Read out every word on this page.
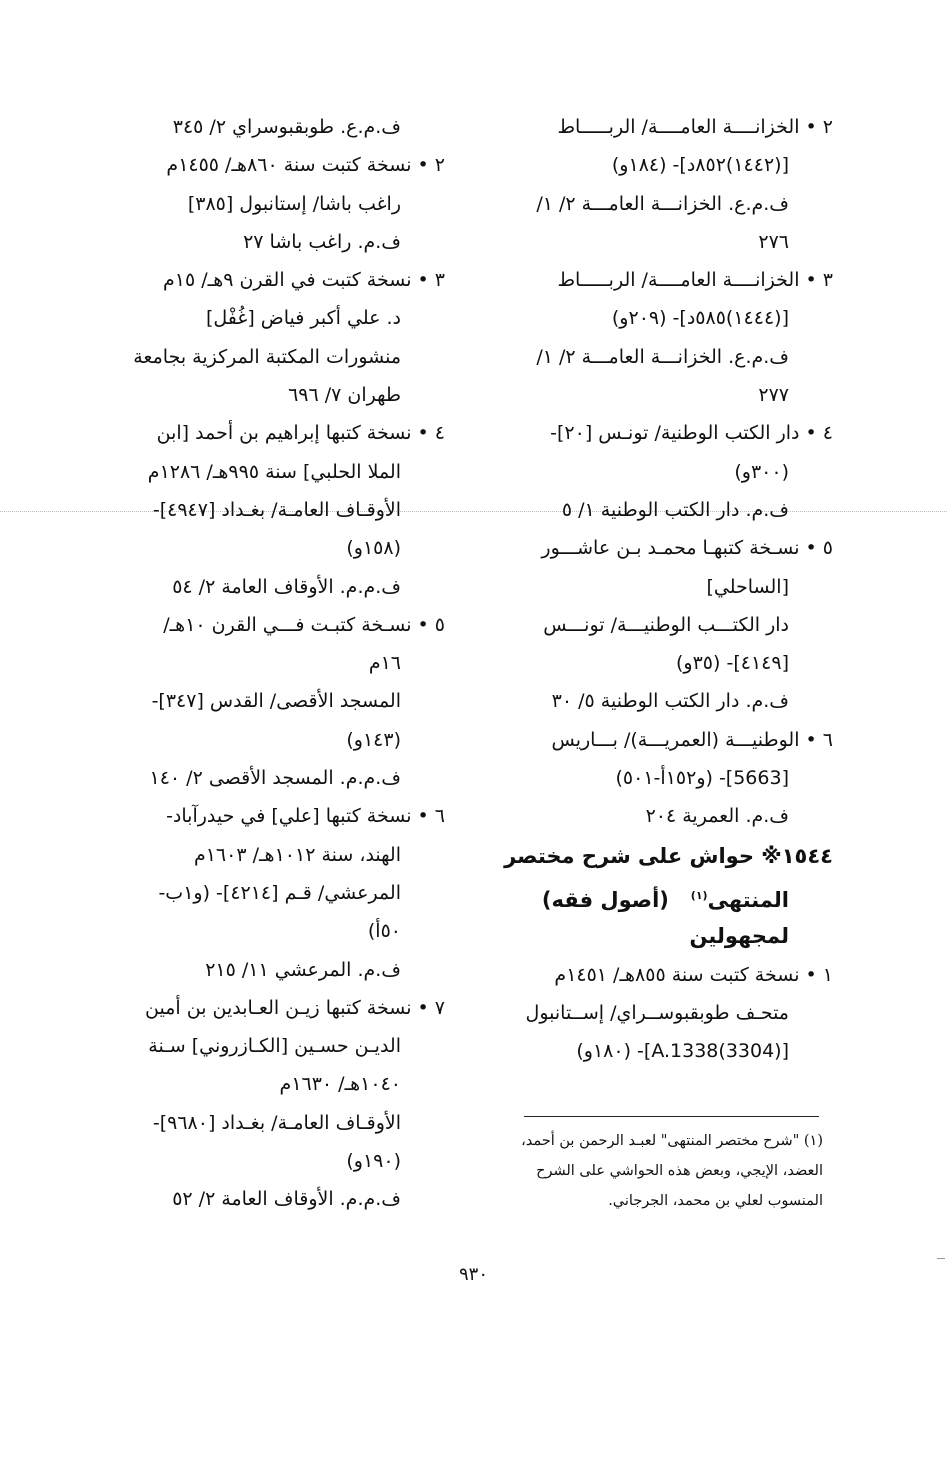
٢ • الخزانــــة العامــــة/ الربـــــاط
[(١٤٤٢)٨٥٢د]- (١٨٤و)
ف.م.ع. الخزانـــة العامـــة ٢/ ١/
٢٧٦
٣ • الخزانــــة العامــــة/ الربـــــاط
[(١٤٤٤)٥٨٥د]- (٢٠٩و)
ف.م.ع. الخزانـــة العامـــة ٢/ ١/
٢٧٧
٤ • دار الكتب الوطنية/ تونـس [٢٠]-
(٣٠٠و)
ف.م. دار الكتب الوطنية ١/ ٥
٥ • نسـخة كتبهـا محمـد بـن عاشـــور
[الساحلي]
دار الكتـــب الوطنيـــة/ تونـــس
[٤١٤٩]- (٣٥و)
ف.م. دار الكتب الوطنية ٥/ ٣٠
٦ • الوطنيـــة (العمريـــة)/ بـــاريس
[5663]- (و١٥٢أ-٥٠١)
ف.م. العمرية ٢٠٤
١٥٤٤※ حواش على شرح مختصر
المنتهى$^{(١)}$   (أصول فقه)
لمجهولين
١ • نسخة كتبت سنة ٨٥٥هـ/ ١٤٥١م
متحـف طوبقبوســراي/ إســتانبول
[(3304)A.1338]- (١٨٠و)
ف.م.ع. طوبقبوسراي ٢/ ٣٤٥
٢ • نسخة كتبت سنة ٨٦٠هـ/ ١٤٥٥م
راغب باشا/ إستانبول [٣٨٥]
ف.م. راغب باشا ٢٧
٣ • نسخة كتبت في القرن ٩هـ/ ١٥م
د. علي أكبر فياض [غُفْل]
منشورات المكتبة المركزية بجامعة
طهران ٧/ ٦٩٦
٤ • نسخة كتبها إبراهيم بن أحمد [ابن
الملا الحلبي] سنة ٩٩٥هـ/ ١٢٨٦م
الأوقـاف العامـة/ بغـداد [٤٩٤٧]-
(١٥٨و)
ف.م.م. الأوقاف العامة ٢/ ٥٤
٥ • نسـخة كتبـت فـــي القرن ١٠هـ/
١٦م
المسجد الأقصى/ القدس [٣٤٧]-
(١٤٣و)
ف.م.م. المسجد الأقصى ٢/ ١٤٠
٦ • نسخة كتبها [علي] في حيدرآباد-
الهند، سنة ١٠١٢هـ/ ١٦٠٣م
المرعشي/ قـم [٤٢١٤]- (و١ب-
٥٠أ)
ف.م. المرعشي ١١/ ٢١٥
٧ • نسخة كتبها زيـن العـابدين بن أمين
الديـن حسـين [الكـازروني] سـنة
١٠٤٠هـ/ ١٦٣٠م
الأوقـاف العامـة/ بغـداد [٩٦٨٠]-
(١٩٠و)
ف.م.م. الأوقاف العامة ٢/ ٥٢
(١) "شرح مختصر المنتهى" لعبـد الرحمن بن أحمد،
العضد، الإيجي، وبعض هذه الحواشي على الشرح
المنسوب لعلي بن محمد، الجرجاني.
٩٣٠
